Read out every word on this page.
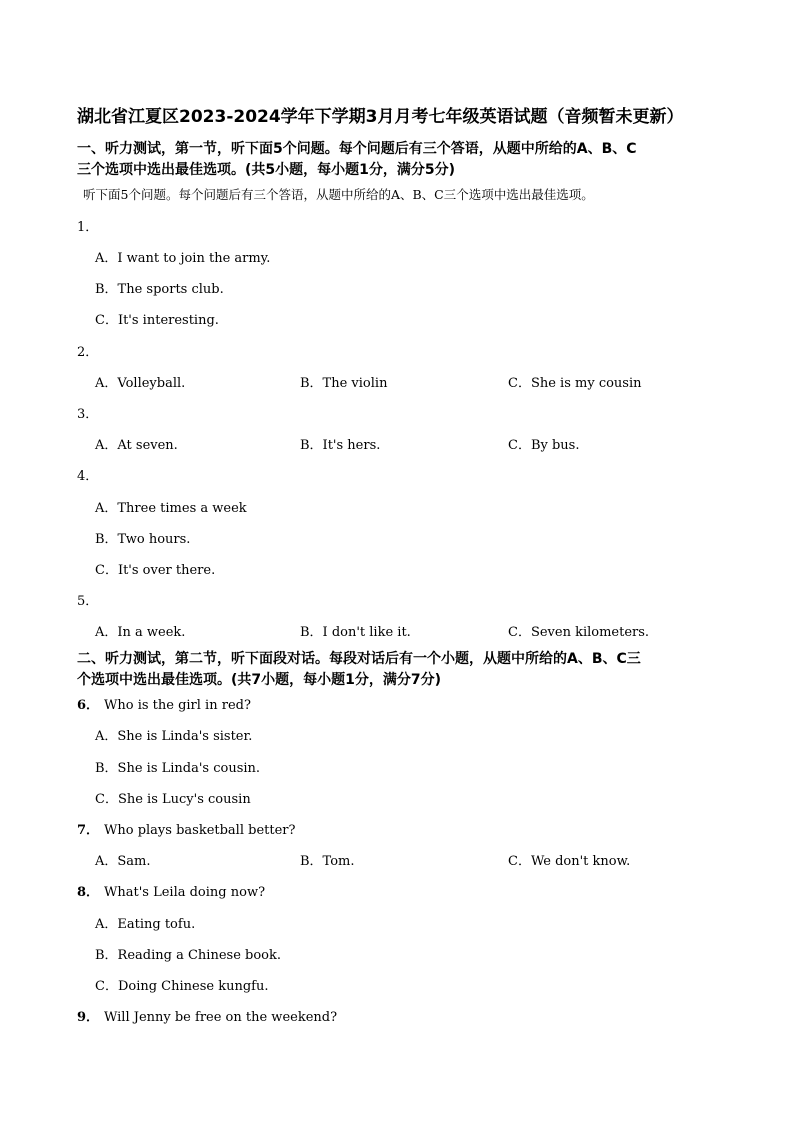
湖北省江夏区2023-2024学年下学期3月月考七年级英语试题（音频暂未更新）
一、听力测试，第一节，听下面5个问题。每个问题后有三个答语，从题中所给的A、B、C
三个选项中选出最佳选项。(共5小题，每小题1分，满分5分)
听下面5个问题。每个问题后有三个答语，从题中所给的A、B、C三个选项中选出最佳选项。
1．
A．I want to join the army.
B．The sports club.
C．It's interesting.
2．
A．Volleyball.	B．The violin	C．She is my cousin
3．
A．At seven.	B．It's hers.	C．By bus.
4．
A．Three times a week
B．Two hours.
C．It's over there.
5．
A．In a week.	B．I don't like it.	C．Seven kilometers.
二、听力测试，第二节，听下面段对话。每段对话后有一个小题，从题中所给的A、B、C三
个选项中选出最佳选项。(共7小题，每小题1分，满分7分)
6． Who is the girl in red?
A．She is Linda's sister.
B．She is Linda's cousin.
C．She is Lucy's cousin
7． Who plays basketball better?
A．Sam.	B．Tom.	C．We don't know.
8． What's Leila doing now?
A．Eating tofu.
B．Reading a Chinese book.
C．Doing Chinese kungfu.
9． Will Jenny be free on the weekend?
